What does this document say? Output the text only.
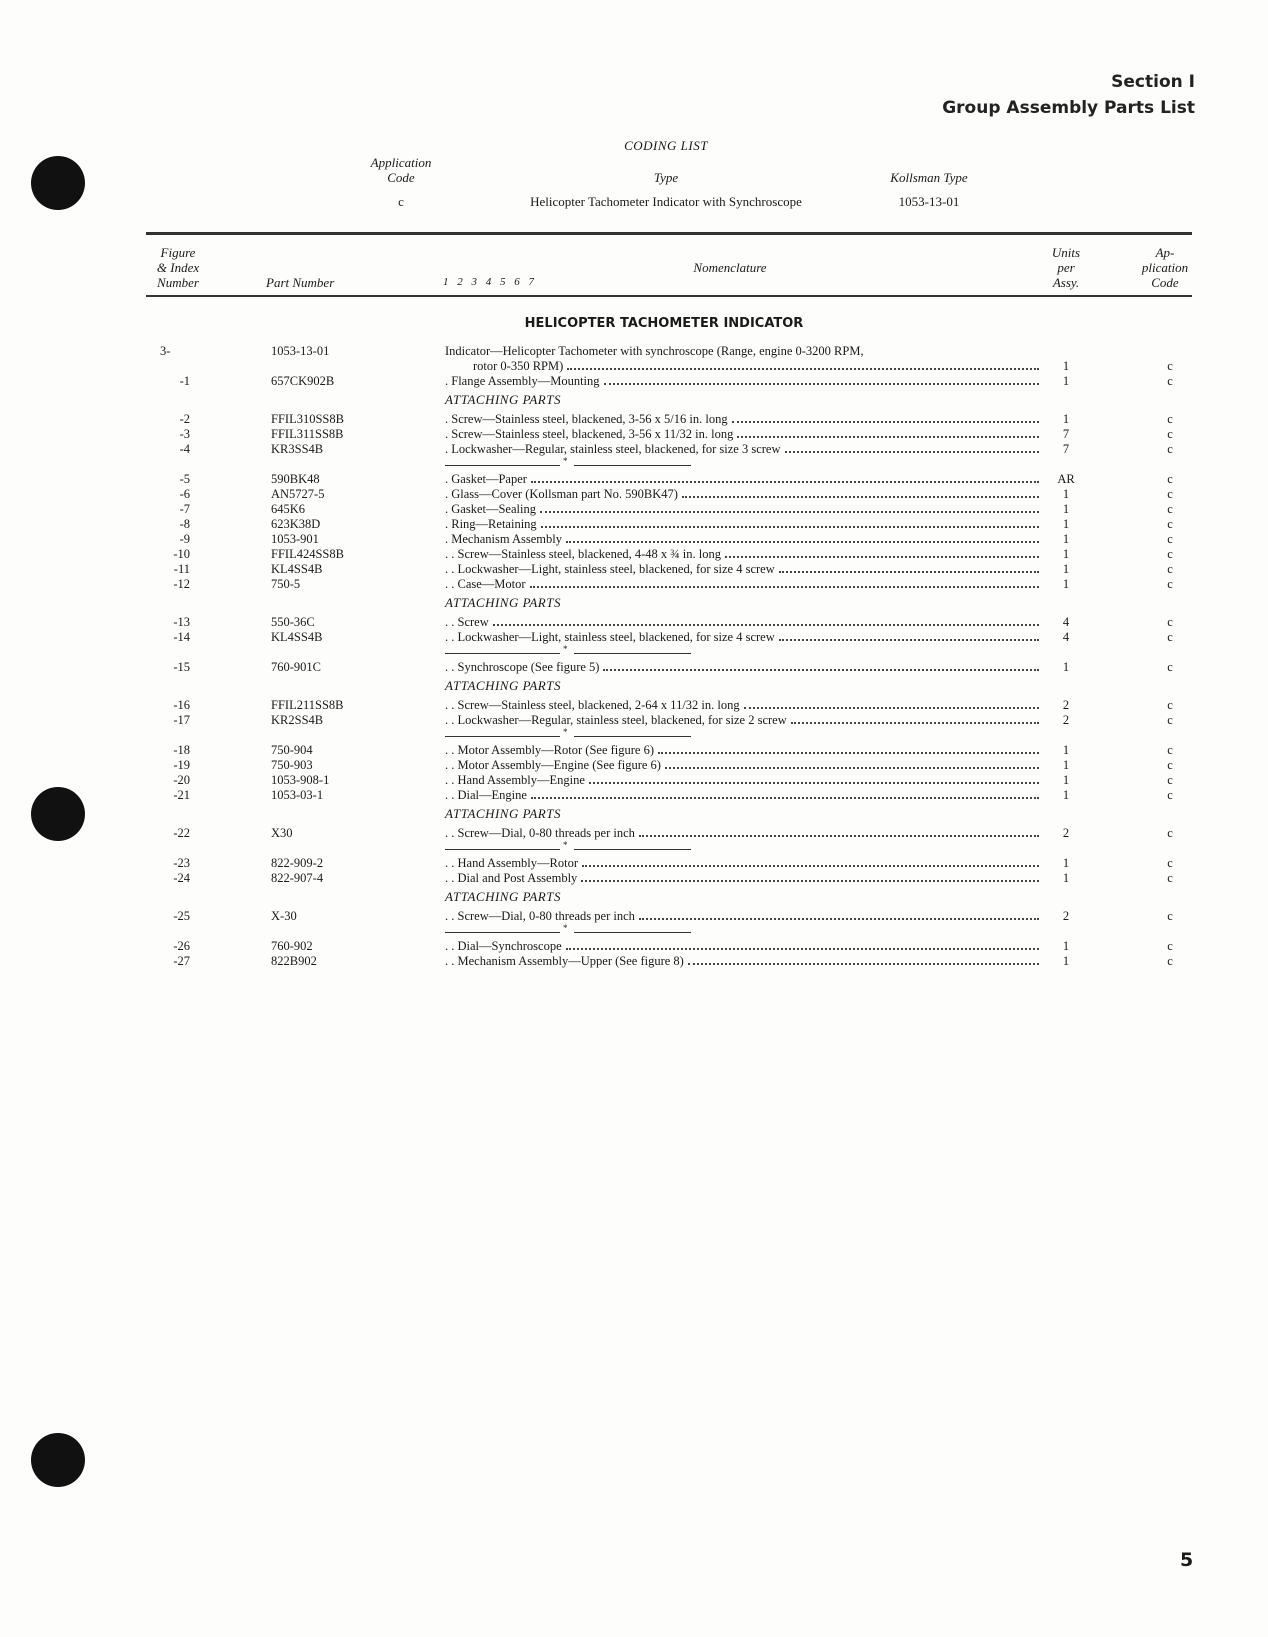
Section I
Group Assembly Parts List
CODING LIST
Application
Code	Type	Kollsman Type
c	Helicopter Tachometer Indicator with Synchroscope	1053-13-01
Figure
& Index
Number	Part Number	1 2 3 4 5 6 7
Nomenclature
Units
per
Assy.
Ap-
plication
Code
HELICOPTER TACHOMETER INDICATOR
3-	1053-13-01	Indicator—Helicopter Tachometer with synchroscope (Range, engine 0-3200 RPM,
rotor 0-350 RPM)	1	c
-1	657CK902B	. Flange Assembly—Mounting	1	c
ATTACHING PARTS
-2	FFIL310SS8B	. Screw—Stainless steel, blackened, 3-56 x 5/16 in. long	1	c
-3	FFIL311SS8B	. Screw—Stainless steel, blackened, 3-56 x 11/32 in. long	7	c
-4	KR3SS4B	. Lockwasher—Regular, stainless steel, blackened, for size 3 screw	7	c
*
-5	590BK48	. Gasket—Paper	AR	c
-6	AN5727-5	. Glass—Cover (Kollsman part No. 590BK47)	1	c
-7	645K6	. Gasket—Sealing	1	c
-8	623K38D	. Ring—Retaining	1	c
-9	1053-901	. Mechanism Assembly	1	c
-10	FFIL424SS8B	. . Screw—Stainless steel, blackened, 4-48 x ¾ in. long	1	c
-11	KL4SS4B	. . Lockwasher—Light, stainless steel, blackened, for size 4 screw	1	c
-12	750-5	. . Case—Motor	1	c
ATTACHING PARTS
-13	550-36C	. . Screw	4	c
-14	KL4SS4B	. . Lockwasher—Light, stainless steel, blackened, for size 4 screw	4	c
*
-15	760-901C	. . Synchroscope (See figure 5)	1	c
ATTACHING PARTS
-16	FFIL211SS8B	. . Screw—Stainless steel, blackened, 2-64 x 11/32 in. long	2	c
-17	KR2SS4B	. . Lockwasher—Regular, stainless steel, blackened, for size 2 screw	2	c
*
-18	750-904	. . Motor Assembly—Rotor (See figure 6)	1	c
-19	750-903	. . Motor Assembly—Engine (See figure 6)	1	c
-20	1053-908-1	. . Hand Assembly—Engine	1	c
-21	1053-03-1	. . Dial—Engine	1	c
ATTACHING PARTS
-22	X30	. . Screw—Dial, 0-80 threads per inch	2	c
*
-23	822-909-2	. . Hand Assembly—Rotor	1	c
-24	822-907-4	. . Dial and Post Assembly	1	c
ATTACHING PARTS
-25	X-30	. . Screw—Dial, 0-80 threads per inch	2	c
*
-26	760-902	. . Dial—Synchroscope	1	c
-27	822B902	. . Mechanism Assembly—Upper (See figure 8)	1	c
5
